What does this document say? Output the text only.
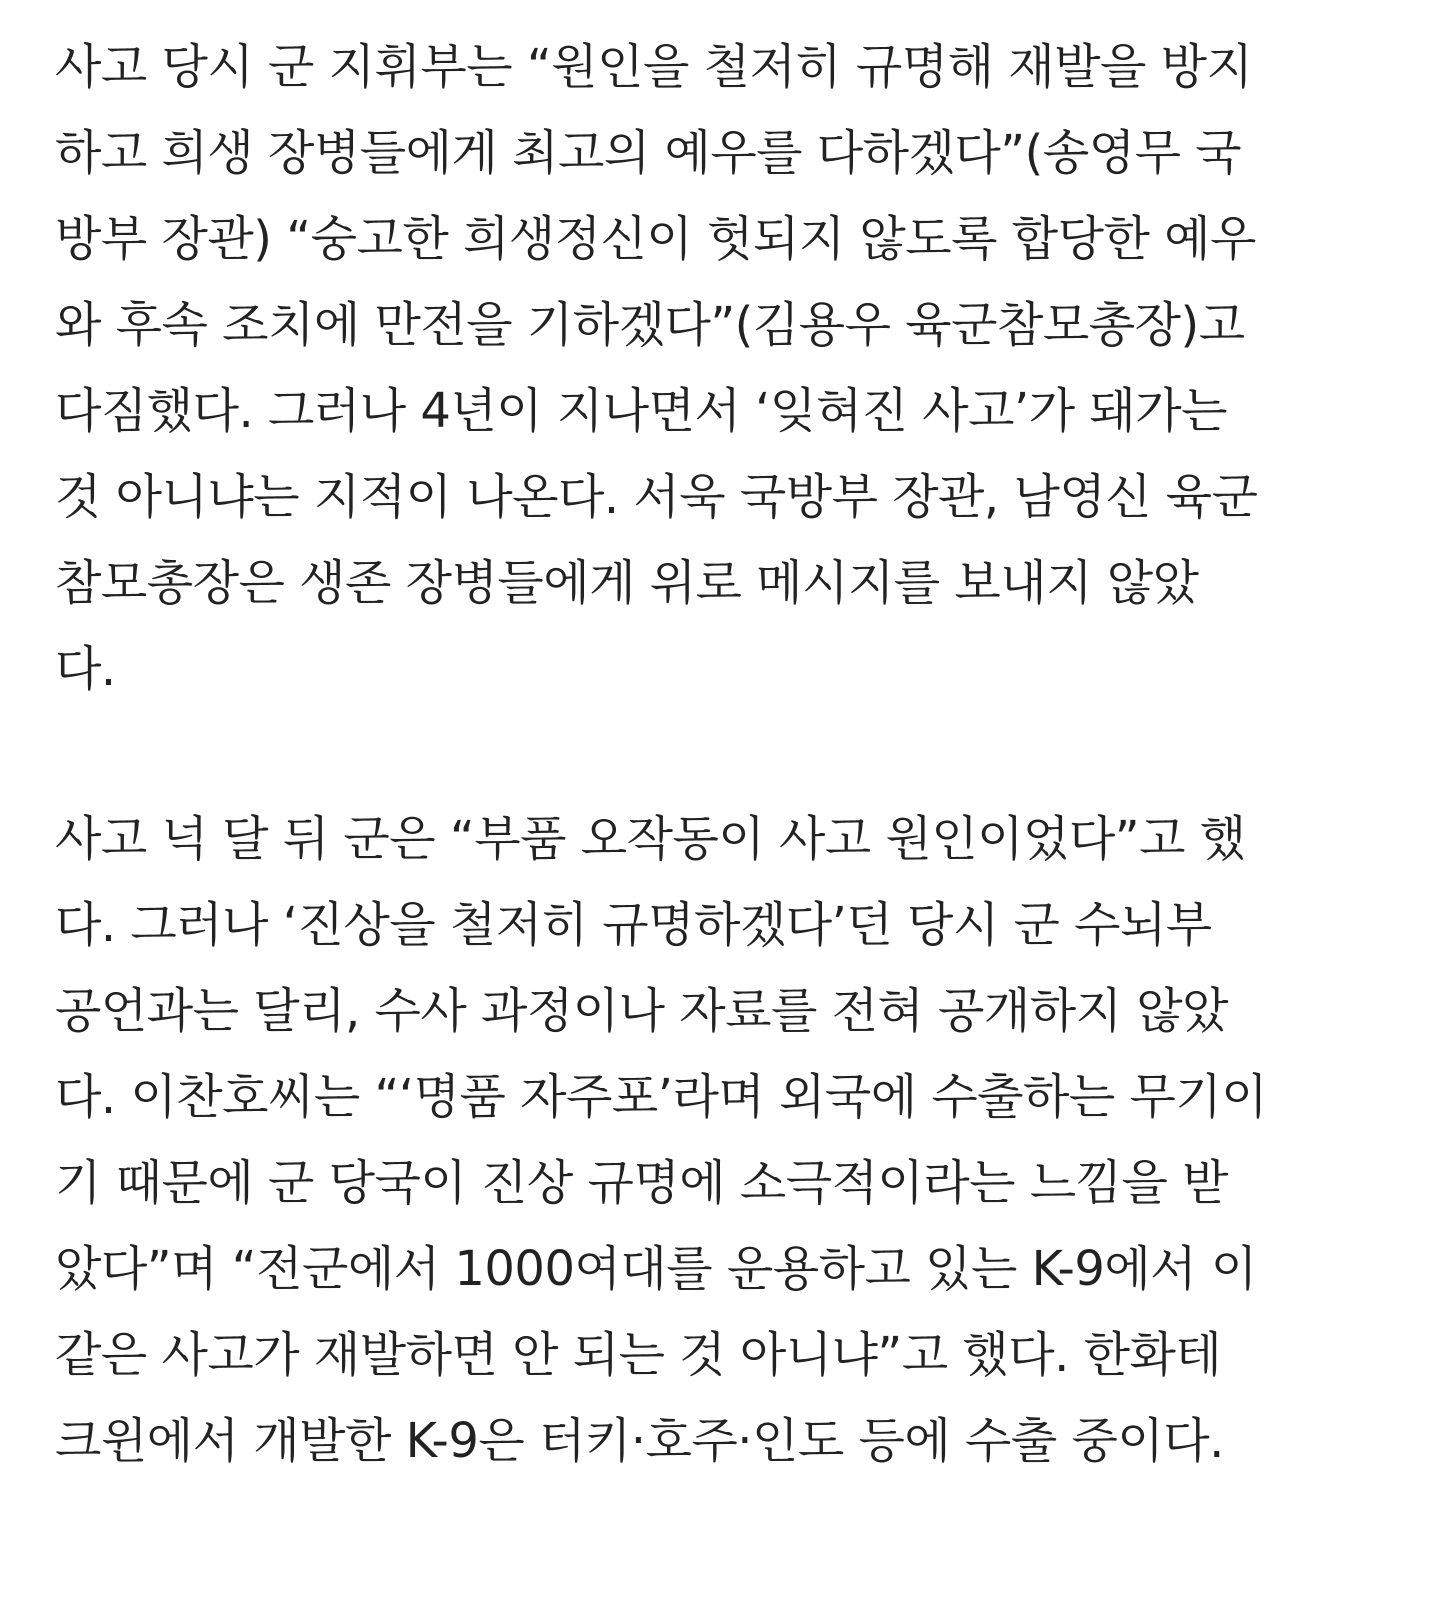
사고 당시 군 지휘부는 “원인을 철저히 규명해 재발을 방지
하고 희생 장병들에게 최고의 예우를 다하겠다”(송영무 국
방부 장관) “숭고한 희생정신이 헛되지 않도록 합당한 예우
와 후속 조치에 만전을 기하겠다”(김용우 육군참모총장)고
다짐했다. 그러나 4년이 지나면서 ‘잊혀진 사고’가 돼가는
것 아니냐는 지적이 나온다. 서욱 국방부 장관, 남영신 육군
참모총장은 생존 장병들에게 위로 메시지를 보내지 않았
다.

사고 넉 달 뒤 군은 “부품 오작동이 사고 원인이었다”고 했
다. 그러나 ‘진상을 철저히 규명하겠다’던 당시 군 수뇌부
공언과는 달리, 수사 과정이나 자료를 전혀 공개하지 않았
다. 이찬호씨는 “‘명품 자주포’라며 외국에 수출하는 무기이
기 때문에 군 당국이 진상 규명에 소극적이라는 느낌을 받
았다”며 “전군에서 1000여대를 운용하고 있는 K-9에서 이
같은 사고가 재발하면 안 되는 것 아니냐”고 했다. 한화테
크윈에서 개발한 K-9은 터키·호주·인도 등에 수출 중이다.
